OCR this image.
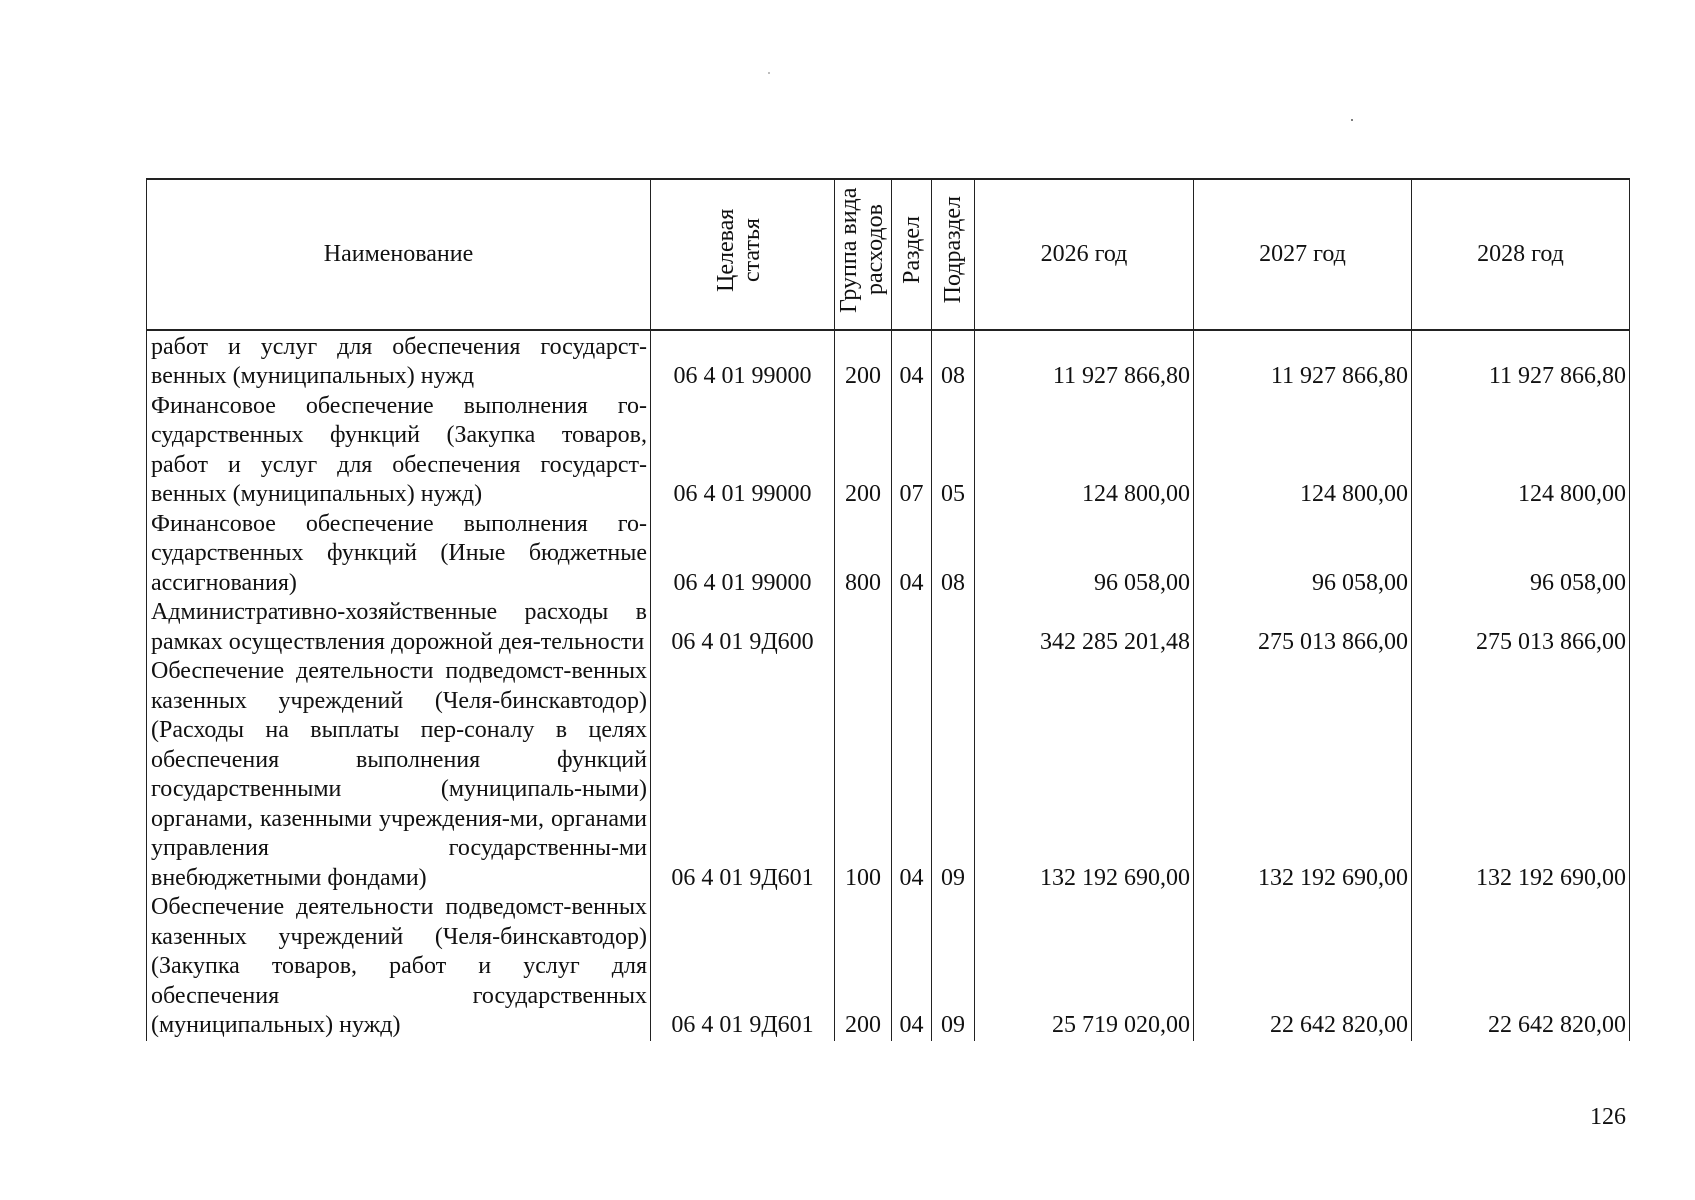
Наименование	Целевая статья	Группа вида расходов	Раздел	Подраздел	2026 год	2027 год	2028 год
работ и услуг для обеспечения государст-венных (муниципальных) нужд	06 4 01 99000	200	04	08	11 927 866,80	11 927 866,80	11 927 866,80
Финансовое обеспечение выполнения го-сударственных функций (Закупка товаров, работ и услуг для обеспечения государст-венных (муниципальных) нужд)	06 4 01 99000	200	07	05	124 800,00	124 800,00	124 800,00
Финансовое обеспечение выполнения го-сударственных функций (Иные бюджетные ассигнования)	06 4 01 99000	800	04	08	96 058,00	96 058,00	96 058,00
Административно-хозяйственные расходы в рамках осуществления дорожной дея-тельности	06 4 01 9Д600				342 285 201,48	275 013 866,00	275 013 866,00
Обеспечение деятельности подведомст-венных казенных учреждений (Челя-бинскавтодор) (Расходы на выплаты пер-соналу в целях обеспечения выполнения функций государственными (муниципаль-ными) органами, казенными учреждения-ми, органами управления государственны-ми внебюджетными фондами)	06 4 01 9Д601	100	04	09	132 192 690,00	132 192 690,00	132 192 690,00
Обеспечение деятельности подведомст-венных казенных учреждений (Челя-бинскавтодор) (Закупка товаров, работ и услуг для обеспечения государственных (муниципальных) нужд)	06 4 01 9Д601	200	04	09	25 719 020,00	22 642 820,00	22 642 820,00
126
